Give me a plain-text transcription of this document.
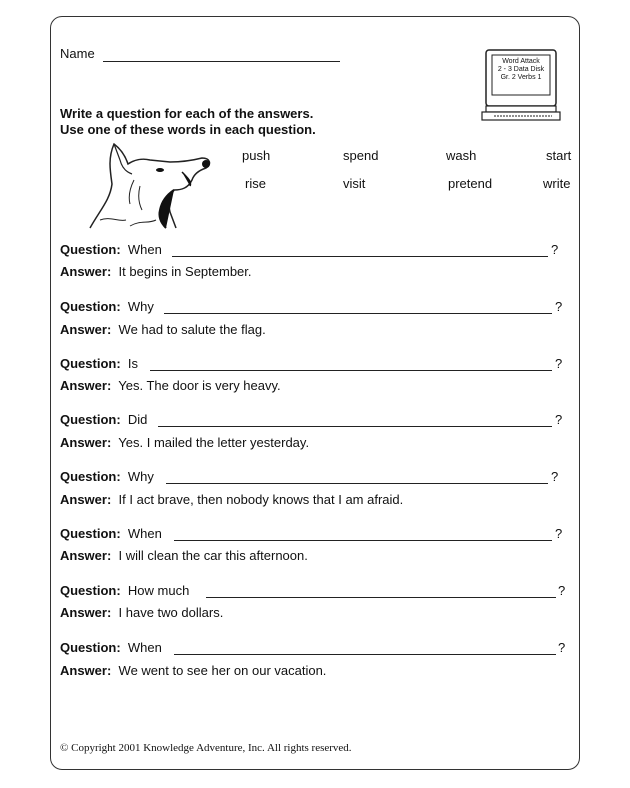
Name
Word Attack
2 - 3 Data Disk
Gr. 2 Verbs 1
Write a question for each of the answers.
Use one of these words in each question.
push	spend	wash	start
rise	visit	pretend	write
Question: When	?
Answer: It begins in September.
Question: Why	?
Answer: We had to salute the flag.
Question: Is	?
Answer: Yes. The door is very heavy.
Question: Did	?
Answer: Yes. I mailed the letter yesterday.
Question: Why	?
Answer: If I act brave, then nobody knows that I am afraid.
Question: When	?
Answer: I will clean the car this afternoon.
Question: How much	?
Answer: I have two dollars.
Question: When	?
Answer: We went to see her on our vacation.
© Copyright 2001 Knowledge Adventure, Inc. All rights reserved.
